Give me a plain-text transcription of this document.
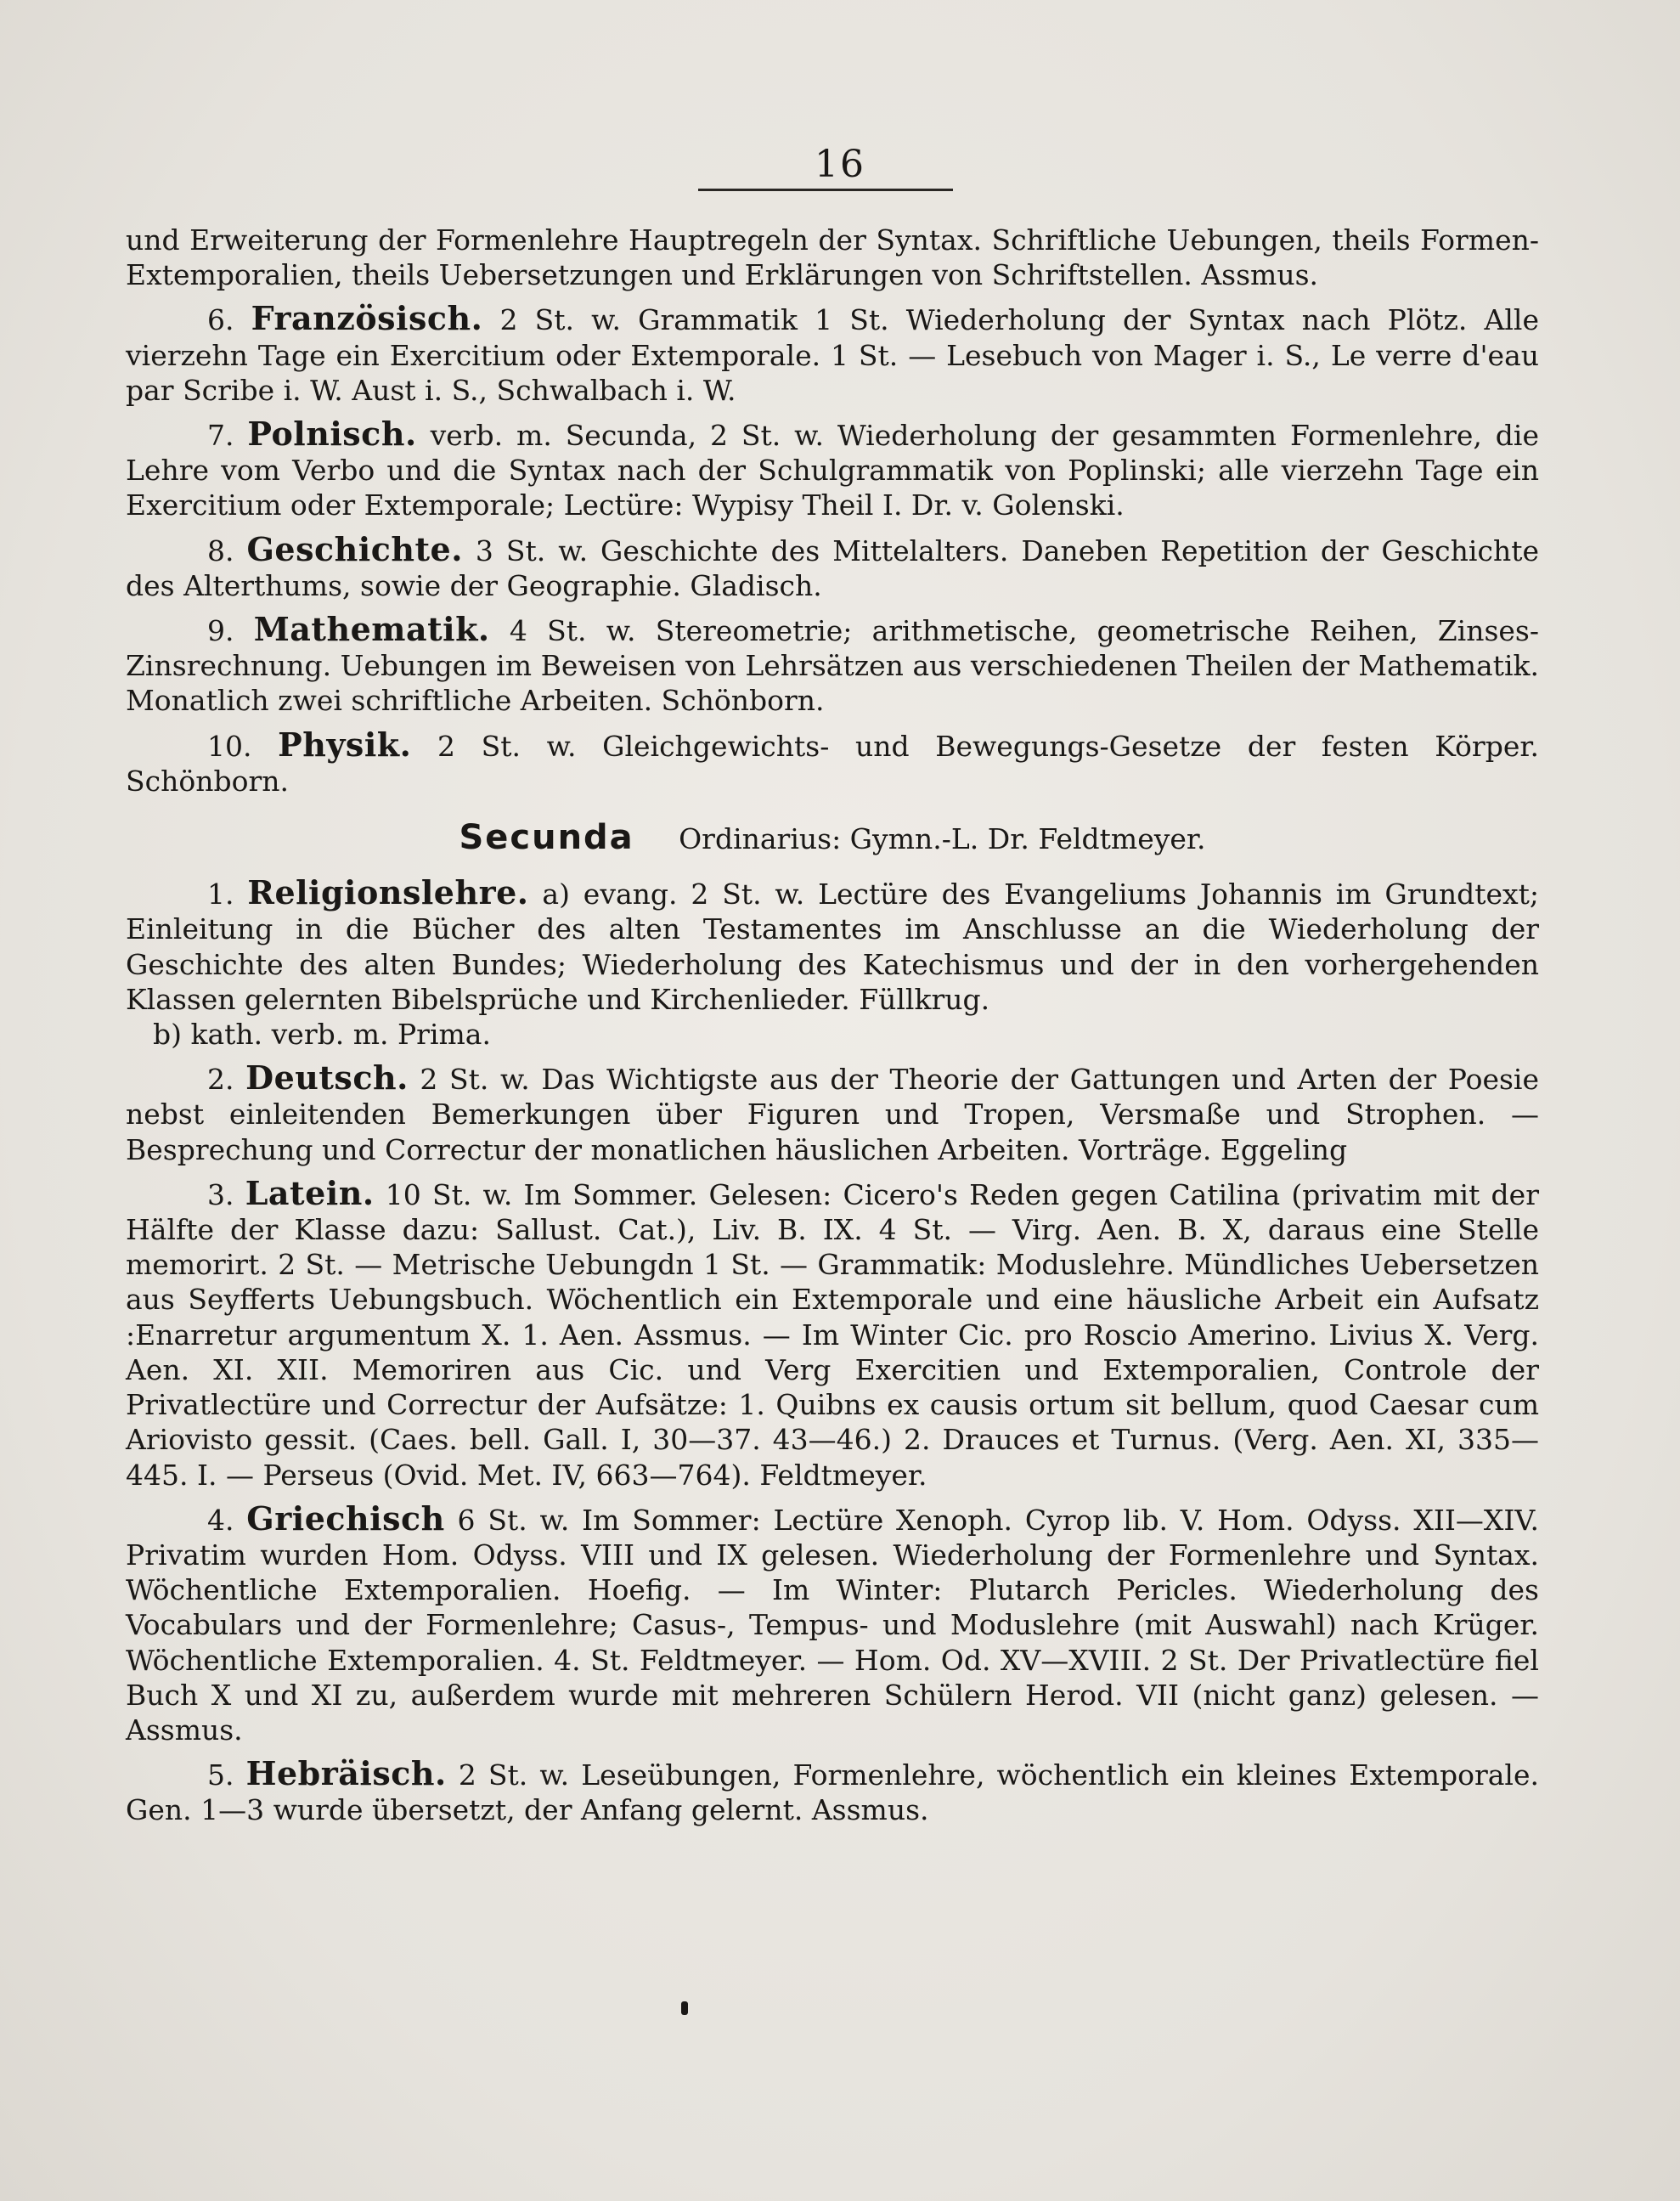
16

und Erweiterung der Formenlehre Hauptregeln der Syntax. Schriftliche Uebungen, theils Formen-Extemporalien, theils Uebersetzungen und Erklärungen von Schriftstellen. Assmus.

6. Französisch. 2 St. w. Grammatik 1 St. Wiederholung der Syntax nach Plötz. Alle vierzehn Tage ein Exercitium oder Extemporale. 1 St. — Lesebuch von Mager i. S., Le verre d'eau par Scribe i. W. Aust i. S., Schwalbach i. W.

7. Polnisch. verb. m. Secunda, 2 St. w. Wiederholung der gesammten Formenlehre, die Lehre vom Verbo und die Syntax nach der Schulgrammatik von Poplinski; alle vierzehn Tage ein Exercitium oder Extemporale; Lectüre: Wypisy Theil I. Dr. v. Golenski.

8. Geschichte. 3 St. w. Geschichte des Mittelalters. Daneben Repetition der Geschichte des Alterthums, sowie der Geographie. Gladisch.

9. Mathematik. 4 St. w. Stereometrie; arithmetische, geometrische Reihen, Zinses-Zinsrechnung. Uebungen im Beweisen von Lehrsätzen aus verschiedenen Theilen der Mathematik. Monatlich zwei schriftliche Arbeiten. Schönborn.

10. Physik. 2 St. w. Gleichgewichts- und Bewegungs-Gesetze der festen Körper. Schönborn.

Secunda Ordinarius: Gymn.-L. Dr. Feldtmeyer.

1. Religionslehre. a) evang. 2 St. w. Lectüre des Evangeliums Johannis im Grundtext; Einleitung in die Bücher des alten Testamentes im Anschlusse an die Wiederholung der Geschichte des alten Bundes; Wiederholung des Katechismus und der in den vorhergehenden Klassen gelernten Bibelsprüche und Kirchenlieder. Füllkrug.

b) kath. verb. m. Prima.

2. Deutsch. 2 St. w. Das Wichtigste aus der Theorie der Gattungen und Arten der Poesie nebst einleitenden Bemerkungen über Figuren und Tropen, Versmaße und Strophen. — Besprechung und Correctur der monatlichen häuslichen Arbeiten. Vorträge. Eggeling

3. Latein. 10 St. w. Im Sommer. Gelesen: Cicero's Reden gegen Catilina (privatim mit der Hälfte der Klasse dazu: Sallust. Cat.), Liv. B. IX. 4 St. — Virg. Aen. B. X, daraus eine Stelle memorirt. 2 St. — Metrische Uebungdn 1 St. — Grammatik: Moduslehre. Mündliches Uebersetzen aus Seyfferts Uebungsbuch. Wöchentlich ein Extemporale und eine häusliche Arbeit ein Aufsatz :Enarretur argumentum X. 1. Aen. Assmus. — Im Winter Cic. pro Roscio Amerino. Livius X. Verg. Aen. XI. XII. Memoriren aus Cic. und Verg Exercitien und Extemporalien, Controle der Privatlectüre und Correctur der Aufsätze: 1. Quibns ex causis ortum sit bellum, quod Caesar cum Ariovisto gessit. (Caes. bell. Gall. I, 30—37. 43—46.) 2. Drauces et Turnus. (Verg. Aen. XI, 335—445. I. — Perseus (Ovid. Met. IV, 663—764). Feldtmeyer.

4. Griechisch 6 St. w. Im Sommer: Lectüre Xenoph. Cyrop lib. V. Hom. Odyss. XII—XIV. Privatim wurden Hom. Odyss. VIII und IX gelesen. Wiederholung der Formenlehre und Syntax. Wöchentliche Extemporalien. Hoefig. — Im Winter: Plutarch Pericles. Wiederholung des Vocabulars und der Formenlehre; Casus-, Tempus- und Moduslehre (mit Auswahl) nach Krüger. Wöchentliche Extemporalien. 4. St. Feldtmeyer. — Hom. Od. XV—XVIII. 2 St. Der Privatlectüre fiel Buch X und XI zu, außerdem wurde mit mehreren Schülern Herod. VII (nicht ganz) gelesen. — Assmus.

5. Hebräisch. 2 St. w. Leseübungen, Formenlehre, wöchentlich ein kleines Extemporale. Gen. 1—3 wurde übersetzt, der Anfang gelernt. Assmus.
